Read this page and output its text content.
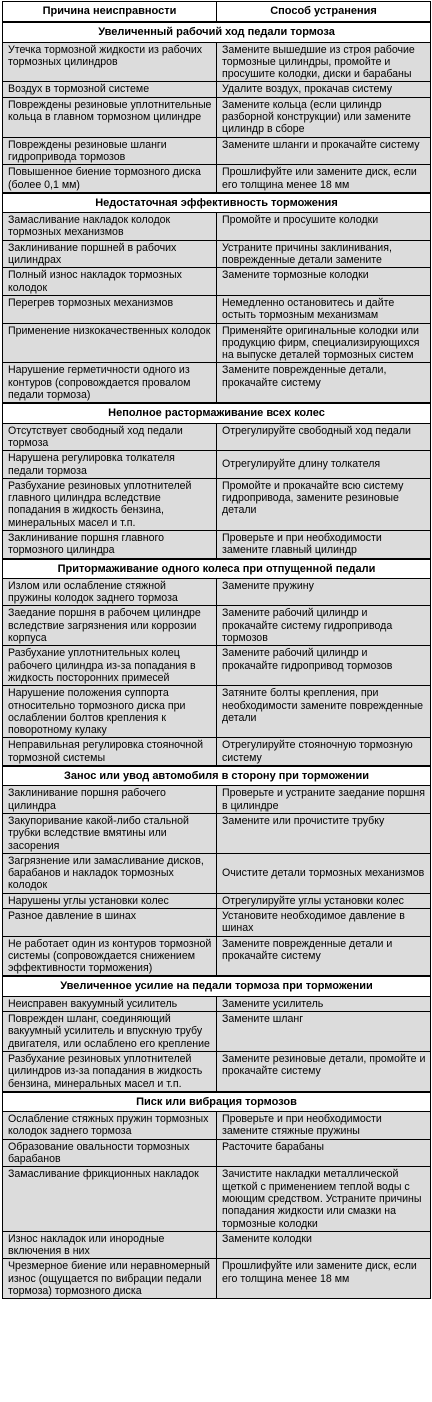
Причина неисправности	Способ устранения
Увеличенный рабочий ход педали тормоза	
Утечка тормозной жидкости из рабочих тормозных цилиндров	Замените вышедшие из строя рабочие тормозные цилиндры, промойте и просушите колодки, диски и барабаны
Воздух в тормозной системе	Удалите воздух, прокачав систему
Повреждены резиновые уплотнительные кольца в главном тормозном цилиндре	Замените кольца (если цилиндр разборной конструкции) или замените цилиндр в сборе
Повреждены резиновые шланги гидропривода тормозов	Замените шланги и прокачайте систему
Повышенное биение тормозного диска (более 0,1 мм)	Прошлифуйте или замените диск, если его толщина менее 18 мм
Недостаточная эффективность торможения	
Замасливание накладок колодок тормозных механизмов	Промойте и просушите колодки
Заклинивание поршней в рабочих цилиндрах	Устраните причины заклинивания, поврежденные детали замените
Полный износ накладок тормозных колодок	Замените тормозные колодки
Перегрев тормозных механизмов	Немедленно остановитесь и дайте остыть тормозным механизмам
Применение низкокачественных колодок	Применяйте оригинальные колодки или продукцию фирм, специализирующихся на выпуске деталей тормозных систем
Нарушение герметичности одного из контуров (сопровождается провалом педали тормоза)	Замените поврежденные детали, прокачайте систему
Неполное растормаживание всех колес	
Отсутствует свободный ход педали тормоза	Отрегулируйте свободный ход педали
Нарушена регулировка толкателя педали тормоза	Отрегулируйте длину толкателя
Разбухание резиновых уплотнителей главного цилиндра вследствие попадания в жидкость бензина, минеральных масел и т.п.	Промойте и прокачайте всю систему гидропривода, замените резиновые детали
Заклинивание поршня главного тормозного цилиндра	Проверьте и при необходимости замените главный цилиндр
Притормаживание одного колеса при отпущенной педали	
Излом или ослабление стяжной пружины колодок заднего тормоза	Замените пружину
Заедание поршня в рабочем цилиндре вследствие загрязнения или коррозии корпуса	Замените рабочий цилиндр и прокачайте систему гидропривода тормозов
Разбухание уплотнительных колец рабочего цилиндра из-за попадания в жидкость посторонних примесей	Замените рабочий цилиндр и прокачайте гидропривод тормозов
Нарушение положения суппорта относительно тормозного диска при ослаблении болтов крепления к поворотному кулаку	Затяните болты крепления, при необходимости замените поврежденные детали
Неправильная регулировка стояночной тормозной системы	Отрегулируйте стояночную тормозную систему
Занос или увод автомобиля в сторону при торможении	
Заклинивание поршня рабочего цилиндра	Проверьте и устраните заедание поршня в цилиндре
Закупоривание какой-либо стальной трубки вследствие вмятины или засорения	Замените или прочистите трубку
Загрязнение или замасливание дисков, барабанов и накладок тормозных колодок	Очистите детали тормозных механизмов
Нарушены углы установки колес	Отрегулируйте углы установки колес
Разное давление в шинах	Установите необходимое давление в шинах
Не работает один из контуров тормозной системы (сопровождается снижением эффективности торможения)	Замените поврежденные детали и прокачайте систему
Увеличенное усилие на педали тормоза при торможении	
Неисправен вакуумный усилитель	Замените усилитель
Поврежден шланг, соединяющий вакуумный усилитель и впускную трубу двигателя, или ослаблено его крепление	Замените шланг
Разбухание резиновых уплотнителей цилиндров из-за попадания в жидкость бензина, минеральных масел и т.п.	Замените резиновые детали, промойте и прокачайте систему
Писк или вибрация тормозов	
Ослабление стяжных пружин тормозных колодок заднего тормоза	Проверьте и при необходимости замените стяжные пружины
Образование овальности тормозных барабанов	Расточите барабаны
Замасливание фрикционных накладок	Зачистите накладки металлической щеткой с применением теплой воды с моющим средством. Устраните причины попадания жидкости или смазки на тормозные колодки
Износ накладок или инородные включения в них	Замените колодки
Чрезмерное биение или неравномерный износ (ощущается по вибрации педали тормоза) тормозного диска	Прошлифуйте или замените диск, если его толщина менее 18 мм
